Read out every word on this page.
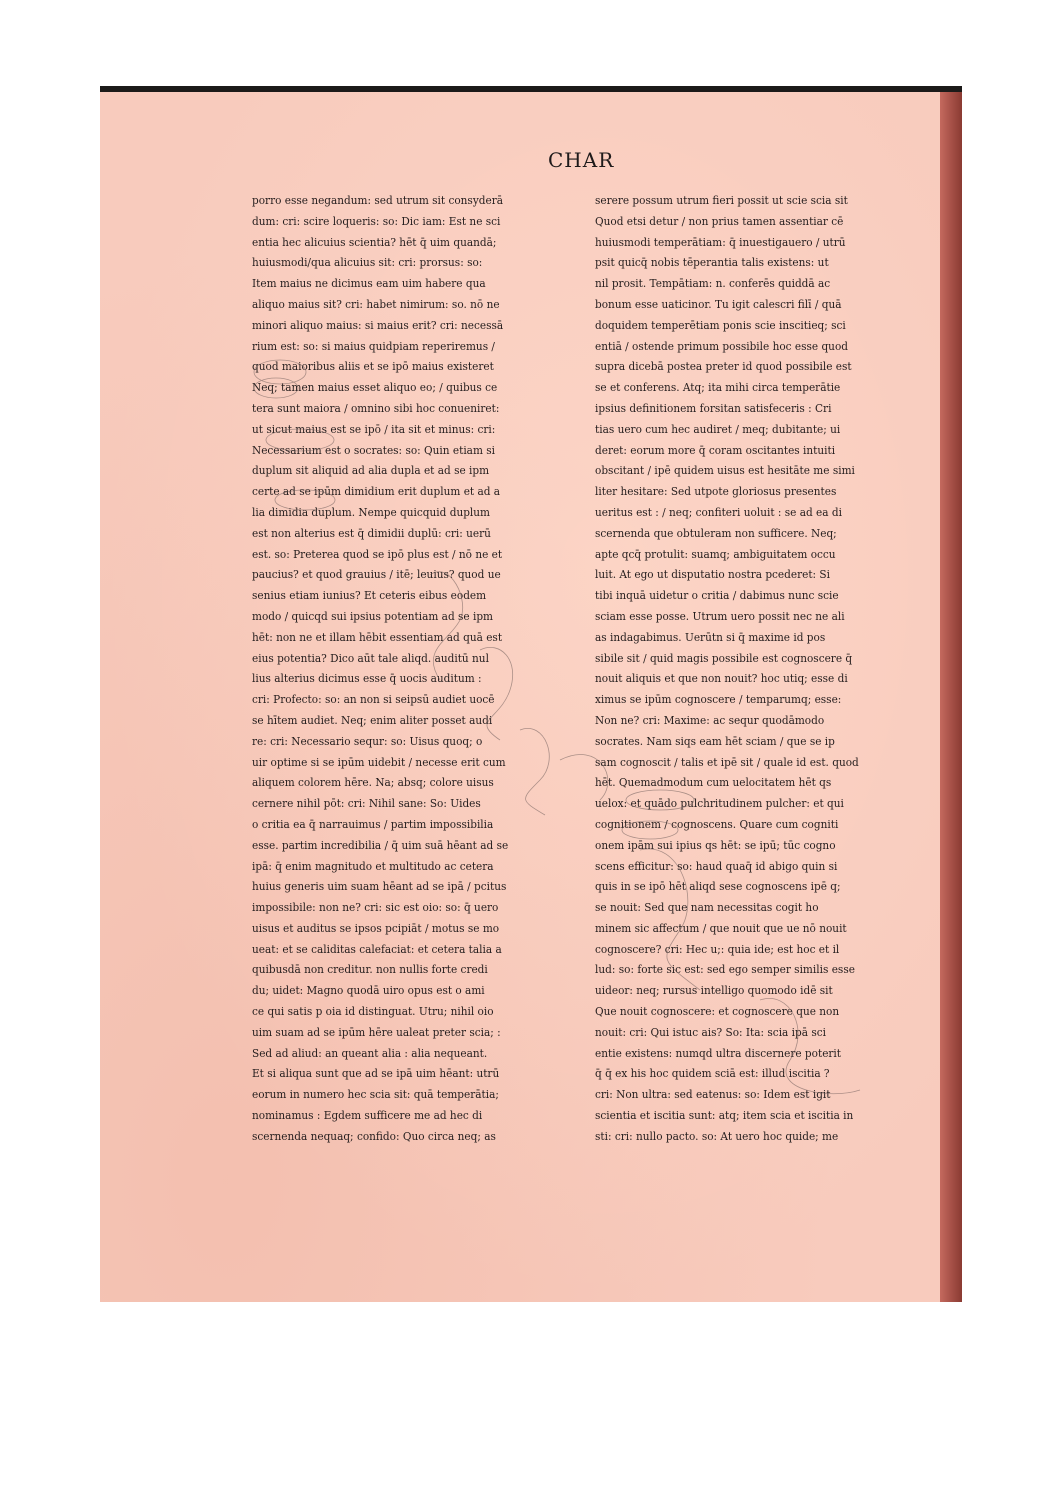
CHAR
porro esse negandum: sed utrum sit consyderā
dum: cri: scire loqueris: so: Dic iam: Est ne sci
entia hec alicuius scientia? hēt q̄ uim quandā;
huiusmodi/qua alicuius sit: cri: prorsus: so:
Item maius ne dicimus eam uim habere qua
aliquo maius sit? cri: habet nimirum: so. nō ne
minori aliquo maius: si maius erit? cri: necessā
rium est: so: si maius quidpiam reperiremus /
quod maioribus aliis et se ipō maius existeret
Neq; tamen maius esset aliquo eo; / quibus ce
tera sunt maiora / omnino sibi hoc conueniret:
ut sicut maius est se ipō / ita sit et minus: cri:
Necessarium est o socrates: so: Quin etiam si
duplum sit aliquid ad alia dupla et ad se ipm
certe ad se ipūm dimidium erit duplum et ad a
lia dimidia duplum. Nempe quicquid duplum
est non alterius est q̄ dimidii duplū: cri: uerū
est. so: Preterea quod se ipō plus est / nō ne et
paucius? et quod grauius / itē; leuius? quod ue
senius etiam iunius? Et ceteris eibus eodem
modo / quicqd sui ipsius potentiam ad se ipm
hēt: non ne et illam hēbit essentiam ad quā est
eius potentia? Dico aūt tale aliqd. auditū nul
lius alterius dicimus esse q̄ uocis auditum :
cri: Profecto: so: an non si seipsū audiet uocē
se hītem audiet. Neq; enim aliter posset audi
re: cri: Necessario sequr: so: Uisus quoq; o
uir optime si se ipūm uidebit / necesse erit cum
aliquem colorem hēre. Na; absq; colore uisus
cernere nihil pōt: cri: Nihil sane: So: Uides
o critia ea q̄ narrauimus / partim impossibilia
esse. partim incredibilia / q̄ uim suā hēant ad se
ipā: q̄ enim magnitudo et multitudo ac cetera
huius generis uim suam hēant ad se ipā / pcitus
impossibile: non ne? cri: sic est oio: so: q̄ uero
uisus et auditus se ipsos pcipiāt / motus se mo
ueat: et se caliditas calefaciat: et cetera talia a
quibusdā non creditur. non nullis forte credi
du; uidet: Magno quodā uiro opus est o ami
ce qui satis p oia id distinguat. Utru; nihil oio
uim suam ad se ipūm hēre ualeat preter scia; :
Sed ad aliud: an queant alia : alia nequeant.
Et si aliqua sunt que ad se ipā uim hēant: utrū
eorum in numero hec scia sit: quā temperātia;
nominamus : Egdem sufficere me ad hec di
scernenda nequaq; confido: Quo circa neq; as
serere possum utrum fieri possit ut scie scia sit
Quod etsi detur / non prius tamen assentiar cē
huiusmodi temperātiam: q̄ inuestigauero / utrū
psit quicq̄ nobis tēperantia talis existens: ut
nil prosit. Tempātiam: n. conferēs quiddā ac
bonum esse uaticinor. Tu igit calescri filī / quā
doquidem temperētiam ponis scie inscitieq; sci
entiā / ostende primum possibile hoc esse quod
supra dicebā postea preter id quod possibile est
se et conferens. Atq; ita mihi circa temperātie
ipsius definitionem forsitan satisfeceris : Cri
tias uero cum hec audiret / meq; dubitante; ui
deret: eorum more q̄ coram oscitantes intuiti
obscitant / ipē quidem uisus est hesitāte me simi
liter hesitare: Sed utpote gloriosus presentes
ueritus est : / neq; confiteri uoluit : se ad ea di
scernenda que obtuleram non sufficere. Neq;
apte qcq̄ protulit: suamq; ambiguitatem occu
luit. At ego ut disputatio nostra pcederet: Si
tibi inquā uidetur o critia / dabimus nunc scie
sciam esse posse. Utrum uero possit nec ne ali
as indagabimus. Uerūtn si q̄ maxime id pos
sibile sit / quid magis possibile est cognoscere q̄
nouit aliquis et que non nouit? hoc utiq; esse di
ximus se ipūm cognoscere / temparumq; esse:
Non ne? cri: Maxime: ac sequr quodāmodo
socrates. Nam siqs eam hēt sciam / que se ip
sam cognoscit / talis et ipē sit / quale id est. quod
hēt. Quemadmodum cum uelocitatem hēt qs
uelox: et quādo pulchritudinem pulcher: et qui
cognitionem / cognoscens. Quare cum cogniti
onem ipām sui ipius qs hēt: se ipū; tūc cogno
scens efficitur: so: haud quaq̄ id abigo quin si
quis in se ipō hēt aliqd sese cognoscens ipē q;
se nouit: Sed que nam necessitas cogit ho
minem sic affectum / que nouit que ue nō nouit
cognoscere? cri: Hec u;: quia ide; est hoc et il
lud: so: forte sic est: sed ego semper similis esse
uideor: neq; rursus intelligo quomodo idē sit
Que nouit cognoscere: et cognoscere que non
nouit: cri: Qui istuc ais? So: Ita: scia ipā sci
entie existens: numqd ultra discernere poterit
q̄ q̄ ex his hoc quidem sciā est: illud iscitia ?
cri: Non ultra: sed eatenus: so: Idem est igit
scientia et iscitia sunt: atq; item scia et iscitia in
sti: cri: nullo pacto. so: At uero hoc quide; me
